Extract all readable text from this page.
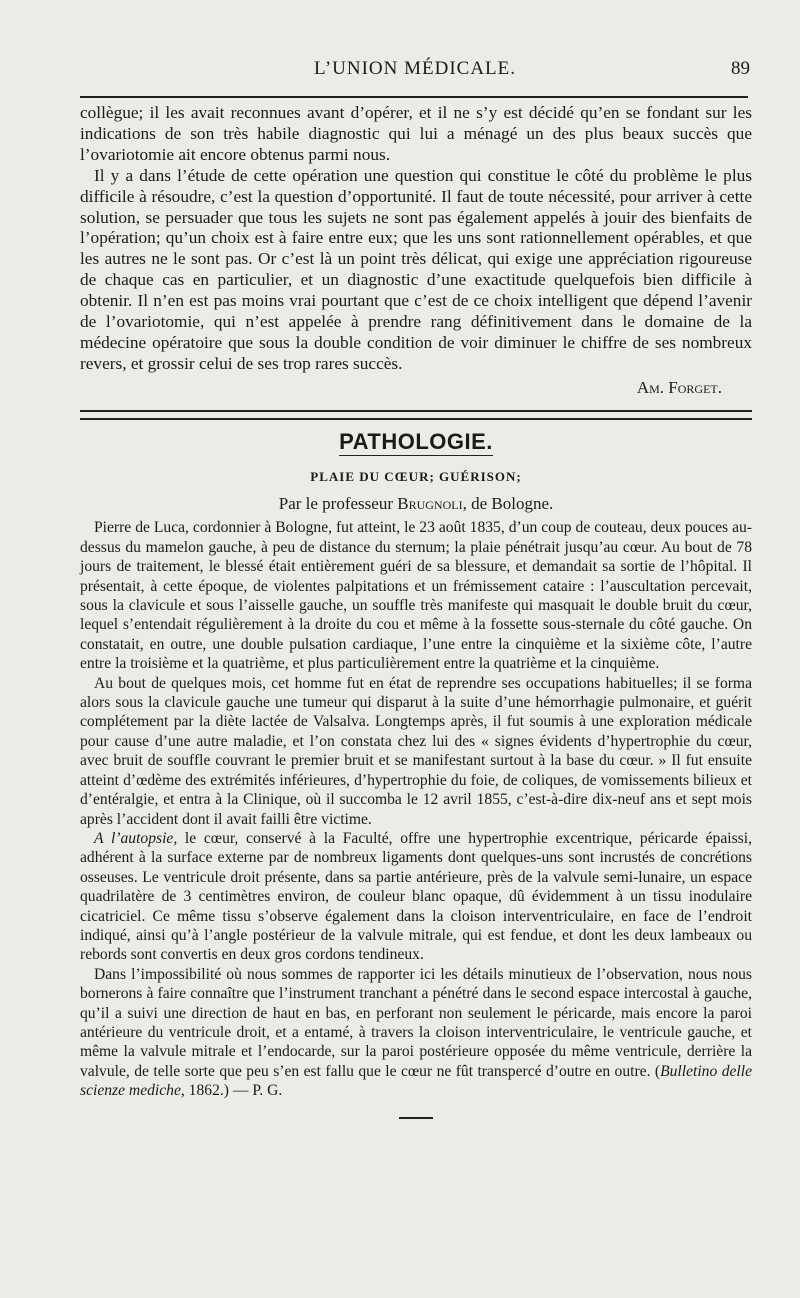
L’UNION MÉDICALE.	89

collègue; il les avait reconnues avant d’opérer, et il ne s’y est décidé qu’en se fondant sur les indications de son très habile diagnostic qui lui a ménagé un des plus beaux succès que l’ovariotomie ait encore obtenus parmi nous.

Il y a dans l’étude de cette opération une question qui constitue le côté du problème le plus difficile à résoudre, c’est la question d’opportunité. Il faut de toute nécessité, pour arriver à cette solution, se persuader que tous les sujets ne sont pas également appelés à jouir des bienfaits de l’opération; qu’un choix est à faire entre eux; que les uns sont rationnellement opérables, et que les autres ne le sont pas. Or c’est là un point très délicat, qui exige une appréciation rigoureuse de chaque cas en particulier, et un diagnostic d’une exactitude quelquefois bien difficile à obtenir. Il n’en est pas moins vrai pourtant que c’est de ce choix intelligent que dépend l’avenir de l’ovariotomie, qui n’est appelée à prendre rang définitivement dans le domaine de la médecine opératoire que sous la double condition de voir diminuer le chiffre de ses nombreux revers, et grossir celui de ses trop rares succès.

Am. Forget.

PATHOLOGIE.

PLAIE DU CŒUR; GUÉRISON;

Par le professeur Brugnoli, de Bologne.

Pierre de Luca, cordonnier à Bologne, fut atteint, le 23 août 1835, d’un coup de couteau, deux pouces au-dessus du mamelon gauche, à peu de distance du sternum; la plaie pénétrait jusqu’au cœur. Au bout de 78 jours de traitement, le blessé était entièrement guéri de sa blessure, et demandait sa sortie de l’hôpital. Il présentait, à cette époque, de violentes palpitations et un frémissement cataire : l’auscultation percevait, sous la clavicule et sous l’aisselle gauche, un souffle très manifeste qui masquait le double bruit du cœur, lequel s’entendait régulièrement à la droite du cou et même à la fossette sous-sternale du côté gauche. On constatait, en outre, une double pulsation cardiaque, l’une entre la cinquième et la sixième côte, l’autre entre la troisième et la quatrième, et plus particulièrement entre la quatrième et la cinquième.

Au bout de quelques mois, cet homme fut en état de reprendre ses occupations habituelles; il se forma alors sous la clavicule gauche une tumeur qui disparut à la suite d’une hémorrhagie pulmonaire, et guérit complétement par la diète lactée de Valsalva. Longtemps après, il fut soumis à une exploration médicale pour cause d’une autre maladie, et l’on constata chez lui des « signes évidents d’hypertrophie du cœur, avec bruit de souffle couvrant le premier bruit et se manifestant surtout à la base du cœur. » Il fut ensuite atteint d’œdème des extrémités inférieures, d’hypertrophie du foie, de coliques, de vomissements bilieux et d’entéralgie, et entra à la Clinique, où il succomba le 12 avril 1855, c’est-à-dire dix-neuf ans et sept mois après l’accident dont il avait failli être victime.

A l’autopsie, le cœur, conservé à la Faculté, offre une hypertrophie excentrique, péricarde épaissi, adhérent à la surface externe par de nombreux ligaments dont quelques-uns sont incrustés de concrétions osseuses. Le ventricule droit présente, dans sa partie antérieure, près de la valvule semi-lunaire, un espace quadrilatère de 3 centimètres environ, de couleur blanc opaque, dû évidemment à un tissu inodulaire cicatriciel. Ce même tissu s’observe également dans la cloison interventriculaire, en face de l’endroit indiqué, ainsi qu’à l’angle postérieur de la valvule mitrale, qui est fendue, et dont les deux lambeaux ou rebords sont convertis en deux gros cordons tendineux.

Dans l’impossibilité où nous sommes de rapporter ici les détails minutieux de l’observation, nous nous bornerons à faire connaître que l’instrument tranchant a pénétré dans le second espace intercostal à gauche, qu’il a suivi une direction de haut en bas, en perforant non seulement le péricarde, mais encore la paroi antérieure du ventricule droit, et a entamé, à travers la cloison interventriculaire, le ventricule gauche, et même la valvule mitrale et l’endocarde, sur la paroi postérieure opposée du même ventricule, derrière la valvule, de telle sorte que peu s’en est fallu que le cœur ne fût transpercé d’outre en outre. (Bulletino delle scienze mediche, 1862.) — P. G.
